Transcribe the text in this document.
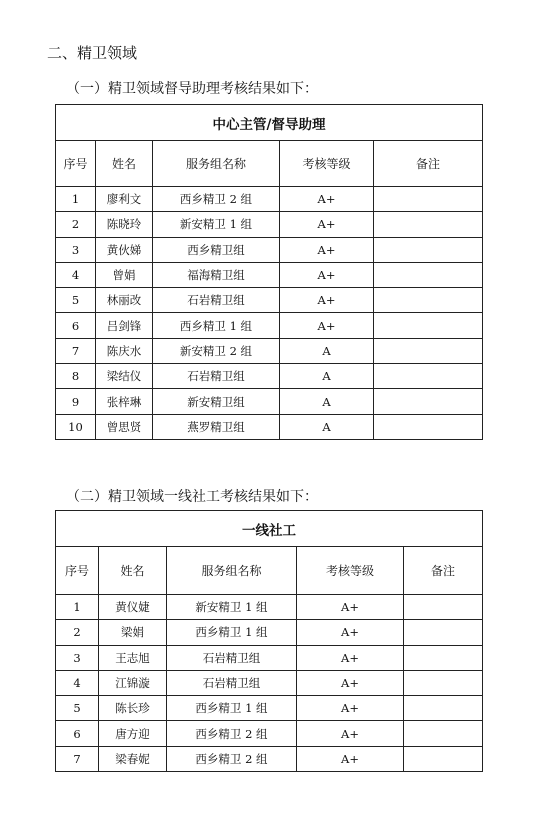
二、精卫领域
（一）精卫领域督导助理考核结果如下：
中心主管/督导助理				
序号	姓名	服务组名称	考核等级	备注
1	廖利文	西乡精卫 2 组	A+	
2	陈晓玲	新安精卫 1 组	A+	
3	黄伙娣	西乡精卫组	A+	
4	曾娟	福海精卫组	A+	
5	林丽改	石岩精卫组	A+	
6	吕剑锋	西乡精卫 1 组	A+	
7	陈庆水	新安精卫 2 组	A	
8	梁结仪	石岩精卫组	A	
9	张梓琳	新安精卫组	A	
10	曾思贤	燕罗精卫组	A	
（二）精卫领域一线社工考核结果如下：
一线社工				
序号	姓名	服务组名称	考核等级	备注
1	黄仪婕	新安精卫 1 组	A+	
2	梁娟	西乡精卫 1 组	A+	
3	王志旭	石岩精卫组	A+	
4	江锦漩	石岩精卫组	A+	
5	陈长珍	西乡精卫 1 组	A+	
6	唐方迎	西乡精卫 2 组	A+	
7	梁春妮	西乡精卫 2 组	A+	
